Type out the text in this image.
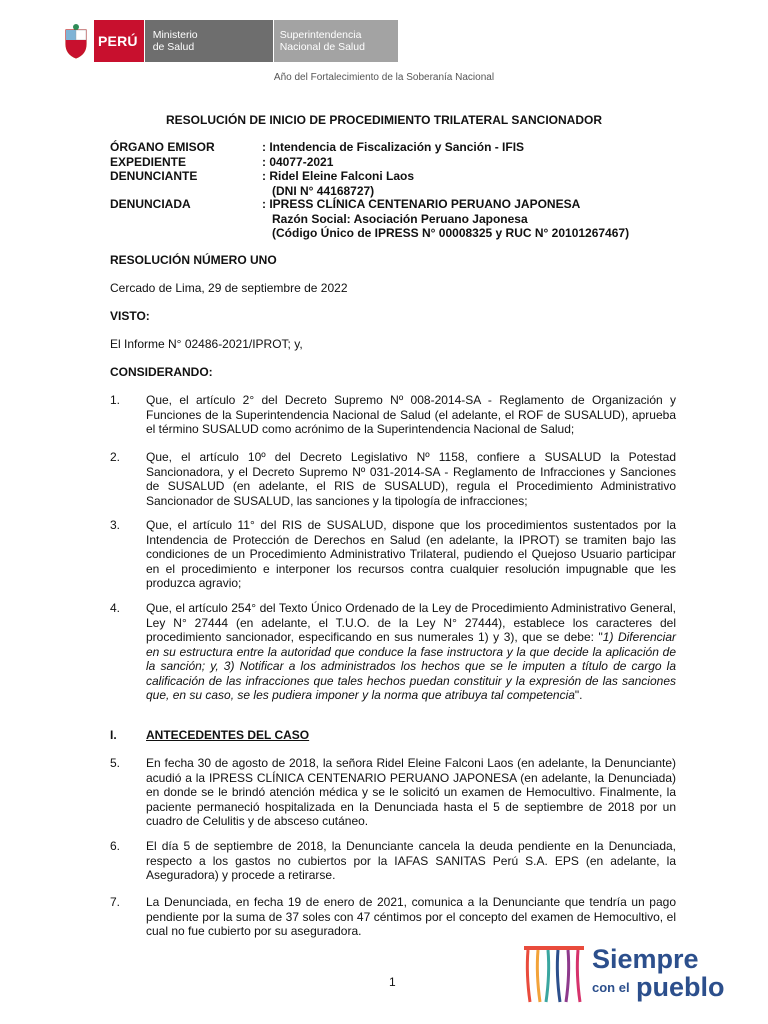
PERÚ Ministerio
de Salud
Superintendencia
Nacional de Salud
Año del Fortalecimiento de la Soberanía Nacional
RESOLUCIÓN DE INICIO DE PROCEDIMIENTO TRILATERAL SANCIONADOR
ÓRGANO EMISOR	: Intendencia de Fiscalización y Sanción - IFIS
EXPEDIENTE	: 04077-2021
DENUNCIANTE	: Ridel Eleine Falconi Laos
(DNI N° 44168727)
DENUNCIADA	: IPRESS CLÍNICA CENTENARIO PERUANO JAPONESA
Razón Social: Asociación Peruano Japonesa
(Código Único de IPRESS N° 00008325 y RUC N° 20101267467)
RESOLUCIÓN NÚMERO UNO
Cercado de Lima, 29 de septiembre de 2022
VISTO:
El Informe N° 02486-2021/IPROT; y,
CONSIDERANDO:
1. Que, el artículo 2° del Decreto Supremo Nº 008-2014-SA - Reglamento de Organización y Funciones de la Superintendencia Nacional de Salud (el adelante, el ROF de SUSALUD), aprueba el término SUSALUD como acrónimo de la Superintendencia Nacional de Salud;
2. Que, el artículo 10º del Decreto Legislativo Nº 1158, confiere a SUSALUD la Potestad Sancionadora, y el Decreto Supremo Nº 031-2014-SA - Reglamento de Infracciones y Sanciones de SUSALUD (en adelante, el RIS de SUSALUD), regula el Procedimiento Administrativo Sancionador de SUSALUD, las sanciones y la tipología de infracciones;
3. Que, el artículo 11° del RIS de SUSALUD, dispone que los procedimientos sustentados por la Intendencia de Protección de Derechos en Salud (en adelante, la IPROT) se tramiten bajo las condiciones de un Procedimiento Administrativo Trilateral, pudiendo el Quejoso Usuario participar en el procedimiento e interponer los recursos contra cualquier resolución impugnable que les produzca agravio;
4. Que, el artículo 254° del Texto Único Ordenado de la Ley de Procedimiento Administrativo General, Ley N° 27444 (en adelante, el T.U.O. de la Ley N° 27444), establece los caracteres del procedimiento sancionador, especificando en sus numerales 1) y 3), que se debe: "1) Diferenciar en su estructura entre la autoridad que conduce la fase instructora y la que decide la aplicación de la sanción; y, 3) Notificar a los administrados los hechos que se le imputen a título de cargo la calificación de las infracciones que tales hechos puedan constituir y la expresión de las sanciones que, en su caso, se les pudiera imponer y la norma que atribuya tal competencia".
I. ANTECEDENTES DEL CASO
5. En fecha 30 de agosto de 2018, la señora Ridel Eleine Falconi Laos (en adelante, la Denunciante) acudió a la IPRESS CLÍNICA CENTENARIO PERUANO JAPONESA (en adelante, la Denunciada) en donde se le brindó atención médica y se le solicitó un examen de Hemocultivo. Finalmente, la paciente permaneció hospitalizada en la Denunciada hasta el 5 de septiembre de 2018 por un cuadro de Celulitis y de absceso cutáneo.
6. El día 5 de septiembre de 2018, la Denunciante cancela la deuda pendiente en la Denunciada, respecto a los gastos no cubiertos por la IAFAS SANITAS Perú S.A. EPS (en adelante, la Aseguradora) y procede a retirarse.
7. La Denunciada, en fecha 19 de enero de 2021, comunica a la Denunciante que tendría un pago pendiente por la suma de 37 soles con 47 céntimos por el concepto del examen de Hemocultivo, el cual no fue cubierto por su aseguradora.
1
Siempre
con el pueblo
